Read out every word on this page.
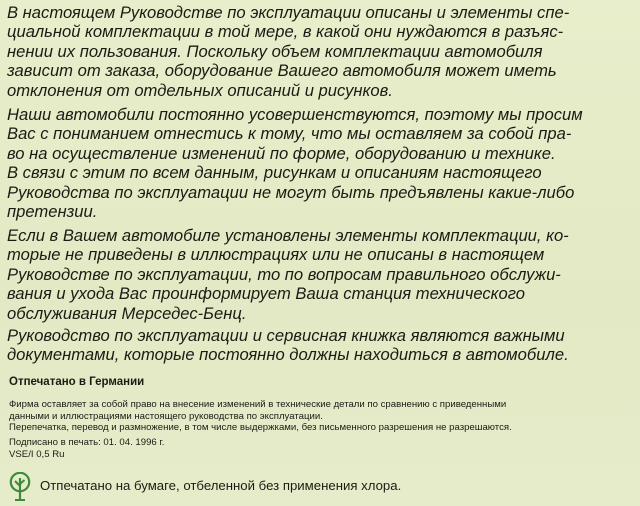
В настоящем Руководстве по эксплуатации описаны и элементы спе-
циальной комплектации в той мере, в какой они нуждаются в разъяс-
нении их пользования. Поскольку объем комплектации автомобиля
зависит от заказа, оборудование Вашего автомобиля может иметь
отклонения от отдельных описаний и рисунков.

Наши автомобили постоянно усовершенствуются, поэтому мы просим
Вас с пониманием отнестись к тому, что мы оставляем за собой пра-
во на осуществление изменений по форме, оборудованию и технике.
В связи с этим по всем данным, рисункам и описаниям настоящего
Руководства по эксплуатации не могут быть предъявлены какие-либо
претензии.

Если в Вашем автомобиле установлены элементы комплектации, ко-
торые не приведены в иллюстрациях или не описаны в настоящем
Руководстве по эксплуатации, то по вопросам правильного обслужи-
вания и ухода Вас проинформирует Ваша станция технического
обслуживания Мерседес-Бенц.

Руководство по эксплуатации и сервисная книжка являются важными
документами, которые постоянно должны находиться в автомобиле.

Отпечатано в Германии
Фирма оставляет за собой право на внесение изменений в технические детали по сравнению с приведенными
данными и иллюстрациями настоящего руководства по эксплуатации.
Перепечатка, перевод и размножение, в том числе выдержками, без письменного разрешения не разрешаются.
Подписано в печать: 01. 04. 1996 г.
VSE/I 0,5 Ru

Отпечатано на бумаге, отбеленной без применения хлора.
